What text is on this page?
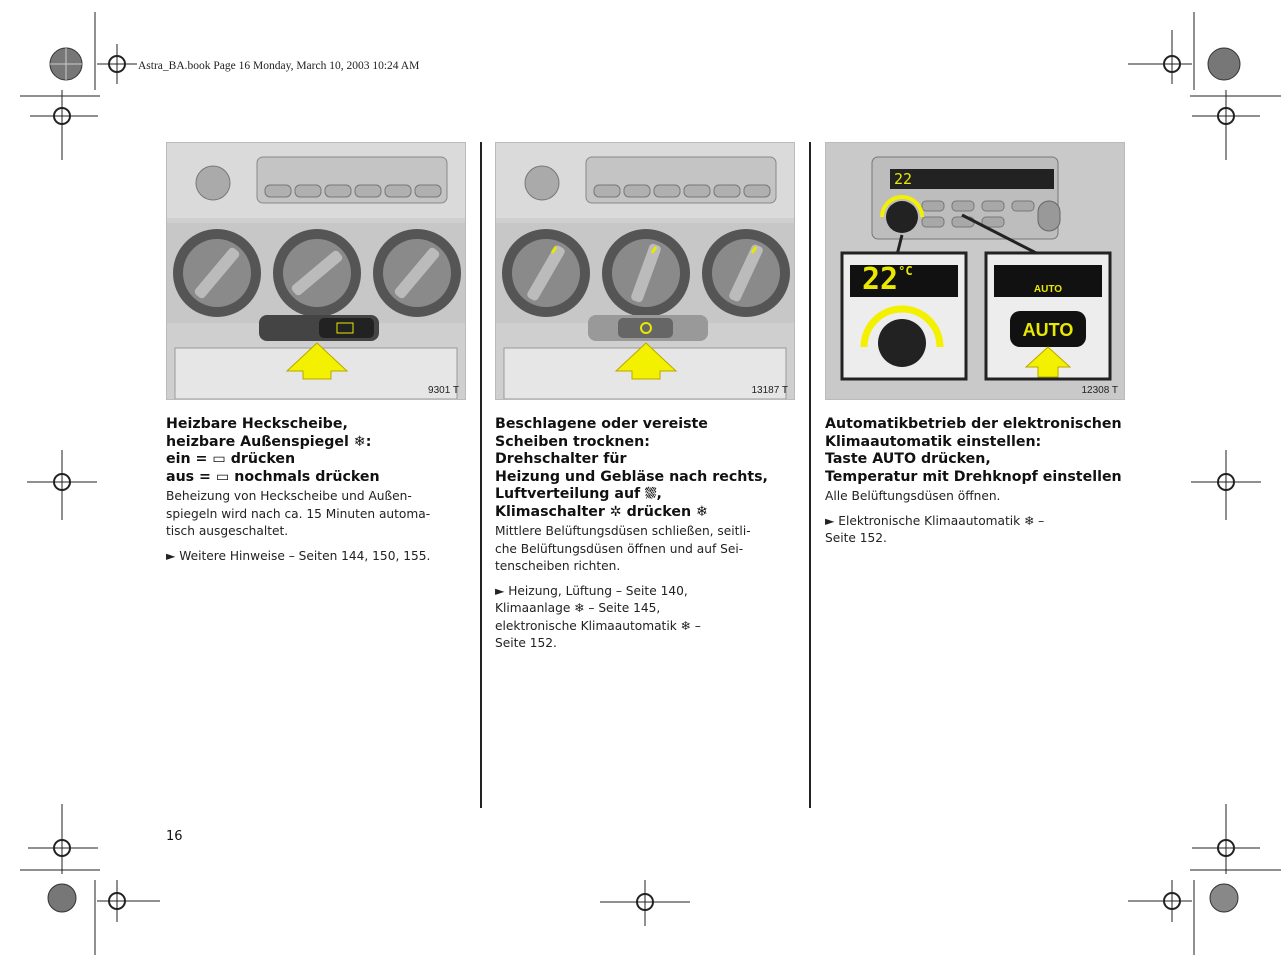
Astra_BA.book Page 16 Monday, March 10, 2003 10:24 AM
9301 T
Heizbare Heckscheibe,
heizbare Außenspiegel ❄:
ein = ▭ drücken
aus = ▭ nochmals drücken

Beheizung von Heckscheibe und Außen-
spiegeln wird nach ca. 15 Minuten automa-
tisch ausgeschaltet.

► Weitere Hinweise – Seiten 144, 150, 155.

13187 T
Beschlagene oder vereiste
Scheiben trocknen:
Drehschalter für
Heizung und Gebläse nach rechts,
Luftverteilung auf ⛆,
Klimaschalter ✲ drücken ❄

Mittlere Belüftungsdüsen schließen, seitli-
che Belüftungsdüsen öffnen und auf Sei-
tenscheiben richten.

► Heizung, Lüftung – Seite 140,
Klimaanlage ❄ – Seite 145,
elektronische Klimaautomatik ❄ –
Seite 152.

22
$22^{^\circ C}$
AUTO
AUTO
12308 T
Automatikbetrieb der elektronischen
Klimaautomatik einstellen:
Taste AUTO drücken,
Temperatur mit Drehknopf einstellen

Alle Belüftungsdüsen öffnen.

► Elektronische Klimaautomatik ❄ –
Seite 152.

16
